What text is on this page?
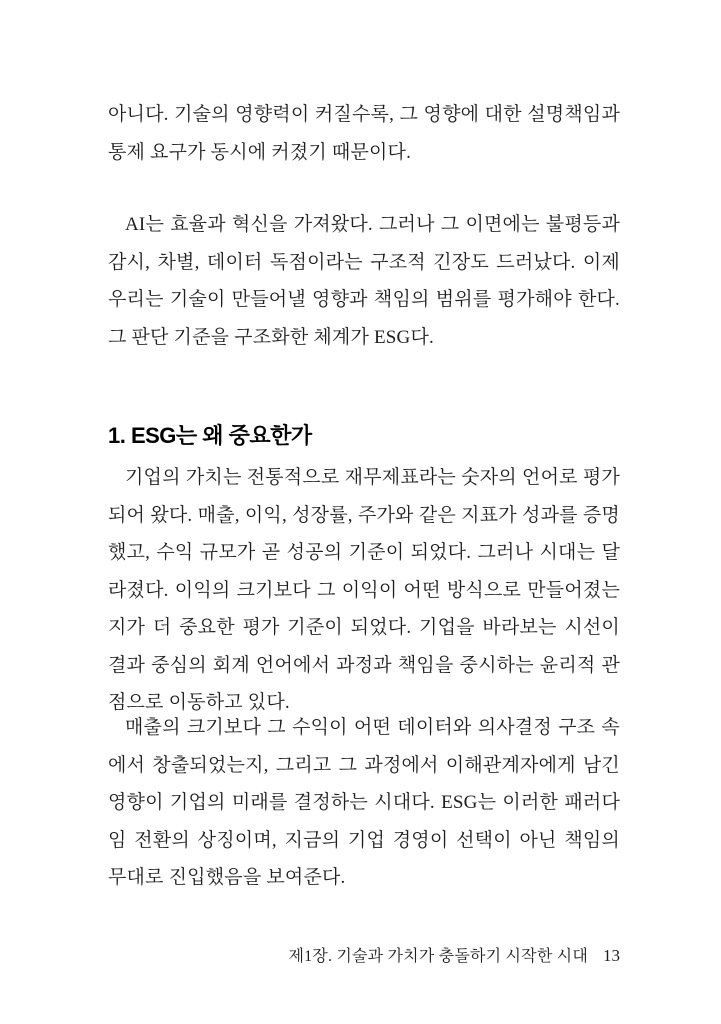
아니다. 기술의 영향력이 커질수록, 그 영향에 대한 설명책임과 통제 요구가 동시에 커졌기 때문이다.

AI는 효율과 혁신을 가져왔다. 그러나 그 이면에는 불평등과 감시, 차별, 데이터 독점이라는 구조적 긴장도 드러났다. 이제 우리는 기술이 만들어낼 영향과 책임의 범위를 평가해야 한다. 그 판단 기준을 구조화한 체계가 ESG다.

1. ESG는 왜 중요한가

기업의 가치는 전통적으로 재무제표라는 숫자의 언어로 평가되어 왔다. 매출, 이익, 성장률, 주가와 같은 지표가 성과를 증명했고, 수익 규모가 곧 성공의 기준이 되었다. 그러나 시대는 달라졌다. 이익의 크기보다 그 이익이 어떤 방식으로 만들어졌는지가 더 중요한 평가 기준이 되었다. 기업을 바라보는 시선이 결과 중심의 회계 언어에서 과정과 책임을 중시하는 윤리적 관점으로 이동하고 있다.

매출의 크기보다 그 수익이 어떤 데이터와 의사결정 구조 속에서 창출되었는지, 그리고 그 과정에서 이해관계자에게 남긴 영향이 기업의 미래를 결정하는 시대다. ESG는 이러한 패러다임 전환의 상징이며, 지금의 기업 경영이 선택이 아닌 책임의 무대로 진입했음을 보여준다.

제1장. 기술과 가치가 충돌하기 시작한 시대 13
